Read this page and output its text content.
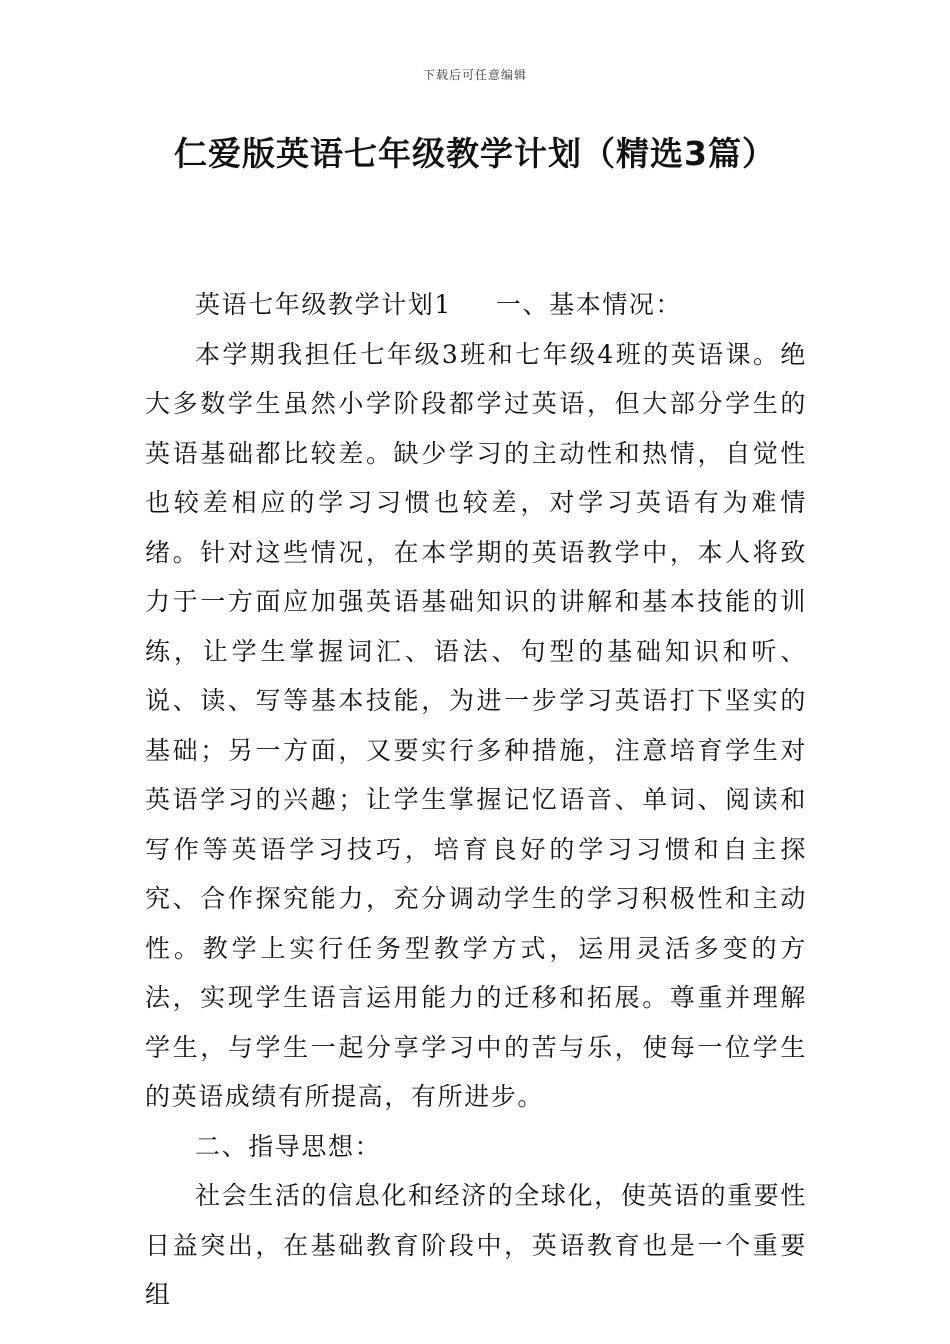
下载后可任意编辑
仁爱版英语七年级教学计划（精选3篇）

英语七年级教学计划1 一、基本情况：

本学期我担任七年级3班和七年级4班的英语课。绝大多数学生虽然小学阶段都学过英语，但大部分学生的英语基础都比较差。缺少学习的主动性和热情，自觉性也较差相应的学习习惯也较差，对学习英语有为难情绪。针对这些情况，在本学期的英语教学中，本人将致力于一方面应加强英语基础知识的讲解和基本技能的训练，让学生掌握词汇、语法、句型的基础知识和听、说、读、写等基本技能，为进一步学习英语打下坚实的基础；另一方面，又要实行多种措施，注意培育学生对英语学习的兴趣；让学生掌握记忆语音、单词、阅读和写作等英语学习技巧，培育良好的学习习惯和自主探究、合作探究能力，充分调动学生的学习积极性和主动性。教学上实行任务型教学方式，运用灵活多变的方法，实现学生语言运用能力的迁移和拓展。尊重并理解学生，与学生一起分享学习中的苦与乐，使每一位学生的英语成绩有所提高，有所进步。

二、指导思想：

社会生活的信息化和经济的全球化，使英语的重要性日益突出，在基础教育阶段中，英语教育也是一个重要组
